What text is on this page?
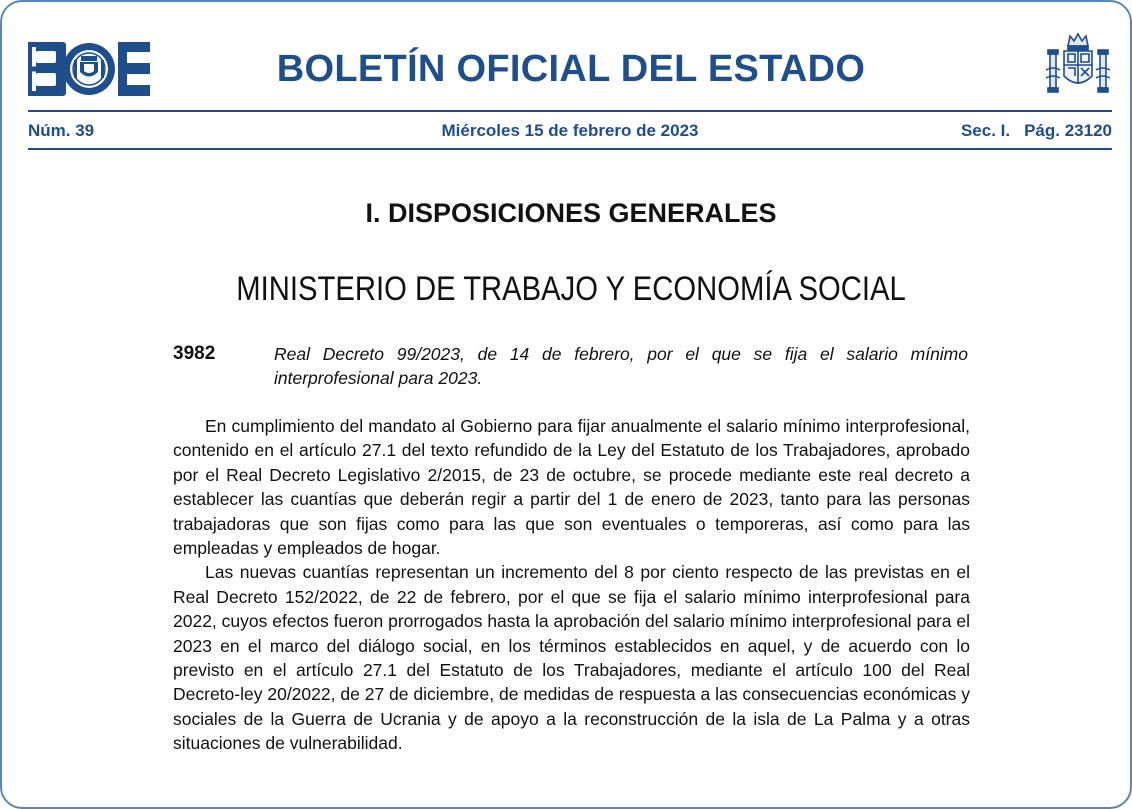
BOLETÍN OFICIAL DEL ESTADO
Núm. 39	Miércoles 15 de febrero de 2023	Sec. I. Pág. 23120
I. DISPOSICIONES GENERALES
MINISTERIO DE TRABAJO Y ECONOMÍA SOCIAL
3982	Real Decreto 99/2023, de 14 de febrero, por el que se fija el salario mínimo interprofesional para 2023.

En cumplimiento del mandato al Gobierno para fijar anualmente el salario mínimo interprofesional, contenido en el artículo 27.1 del texto refundido de la Ley del Estatuto de los Trabajadores, aprobado por el Real Decreto Legislativo 2/2015, de 23 de octubre, se procede mediante este real decreto a establecer las cuantías que deberán regir a partir del 1 de enero de 2023, tanto para las personas trabajadoras que son fijas como para las que son eventuales o temporeras, así como para las empleadas y empleados de hogar.

Las nuevas cuantías representan un incremento del 8 por ciento respecto de las previstas en el Real Decreto 152/2022, de 22 de febrero, por el que se fija el salario mínimo interprofesional para 2022, cuyos efectos fueron prorrogados hasta la aprobación del salario mínimo interprofesional para el 2023 en el marco del diálogo social, en los términos establecidos en aquel, y de acuerdo con lo previsto en el artículo 27.1 del Estatuto de los Trabajadores, mediante el artículo 100 del Real Decreto-ley 20/2022, de 27 de diciembre, de medidas de respuesta a las consecuencias económicas y sociales de la Guerra de Ucrania y de apoyo a la reconstrucción de la isla de La Palma y a otras situaciones de vulnerabilidad.
